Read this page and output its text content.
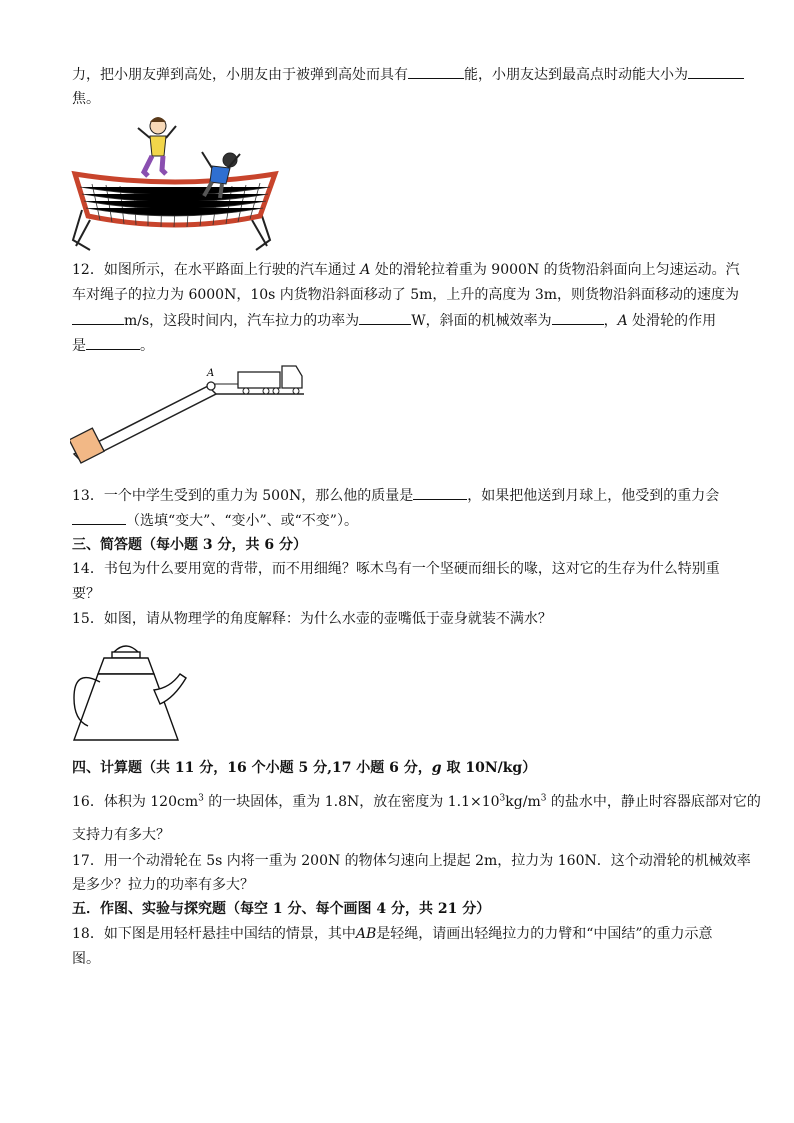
力，把小朋友弹到高处，小朋友由于被弹到高处而具有	能，小朋友达到最高点时动能大小为
焦。
12．如图所示，在水平路面上行驶的汽车通过 A 处的滑轮拉着重为 9000N 的货物沿斜面向上匀速运动。汽
车对绳子的拉力为 6000N，10s 内货物沿斜面移动了 5m，上升的高度为 3m，则货物沿斜面移动的速度为
m/s，这段时间内，汽车拉力的功率为	W，斜面的机械效率为	，A 处滑轮的作用
是	。
A
13．一个中学生受到的重力为 500N，那么他的质量是	，如果把他送到月球上，他受到的重力会
（选填“变大”、“变小”、或“不变”）。
三、简答题（每小题 3 分，共 6 分）
14．书包为什么要用宽的背带，而不用细绳？啄木鸟有一个坚硬而细长的喙，这对它的生存为什么特别重
要？
15．如图，请从物理学的角度解释：为什么水壶的壶嘴低于壶身就装不满水？
四、计算题（共 11 分，16 个小题 5 分,17 小题 6 分，g 取 10N/kg）
16．体积为 $120cm^3$ 的一块固体，重为 1.8N，放在密度为 $1.1\times 10^3kg/m^3$ 的盐水中，静止时容器底部对它的
支持力有多大？
17．用一个动滑轮在 5s 内将一重为 200N 的物体匀速向上提起 2m，拉力为 160N．这个动滑轮的机械效率
是多少？拉力的功率有多大？
五．作图、实验与探究题（每空 1 分、每个画图 4 分，共 21 分）
18．如下图是用轻杆悬挂中国结的情景，其中AB是轻绳，请画出轻绳拉力的力臂和“中国结”的重力示意
图。
